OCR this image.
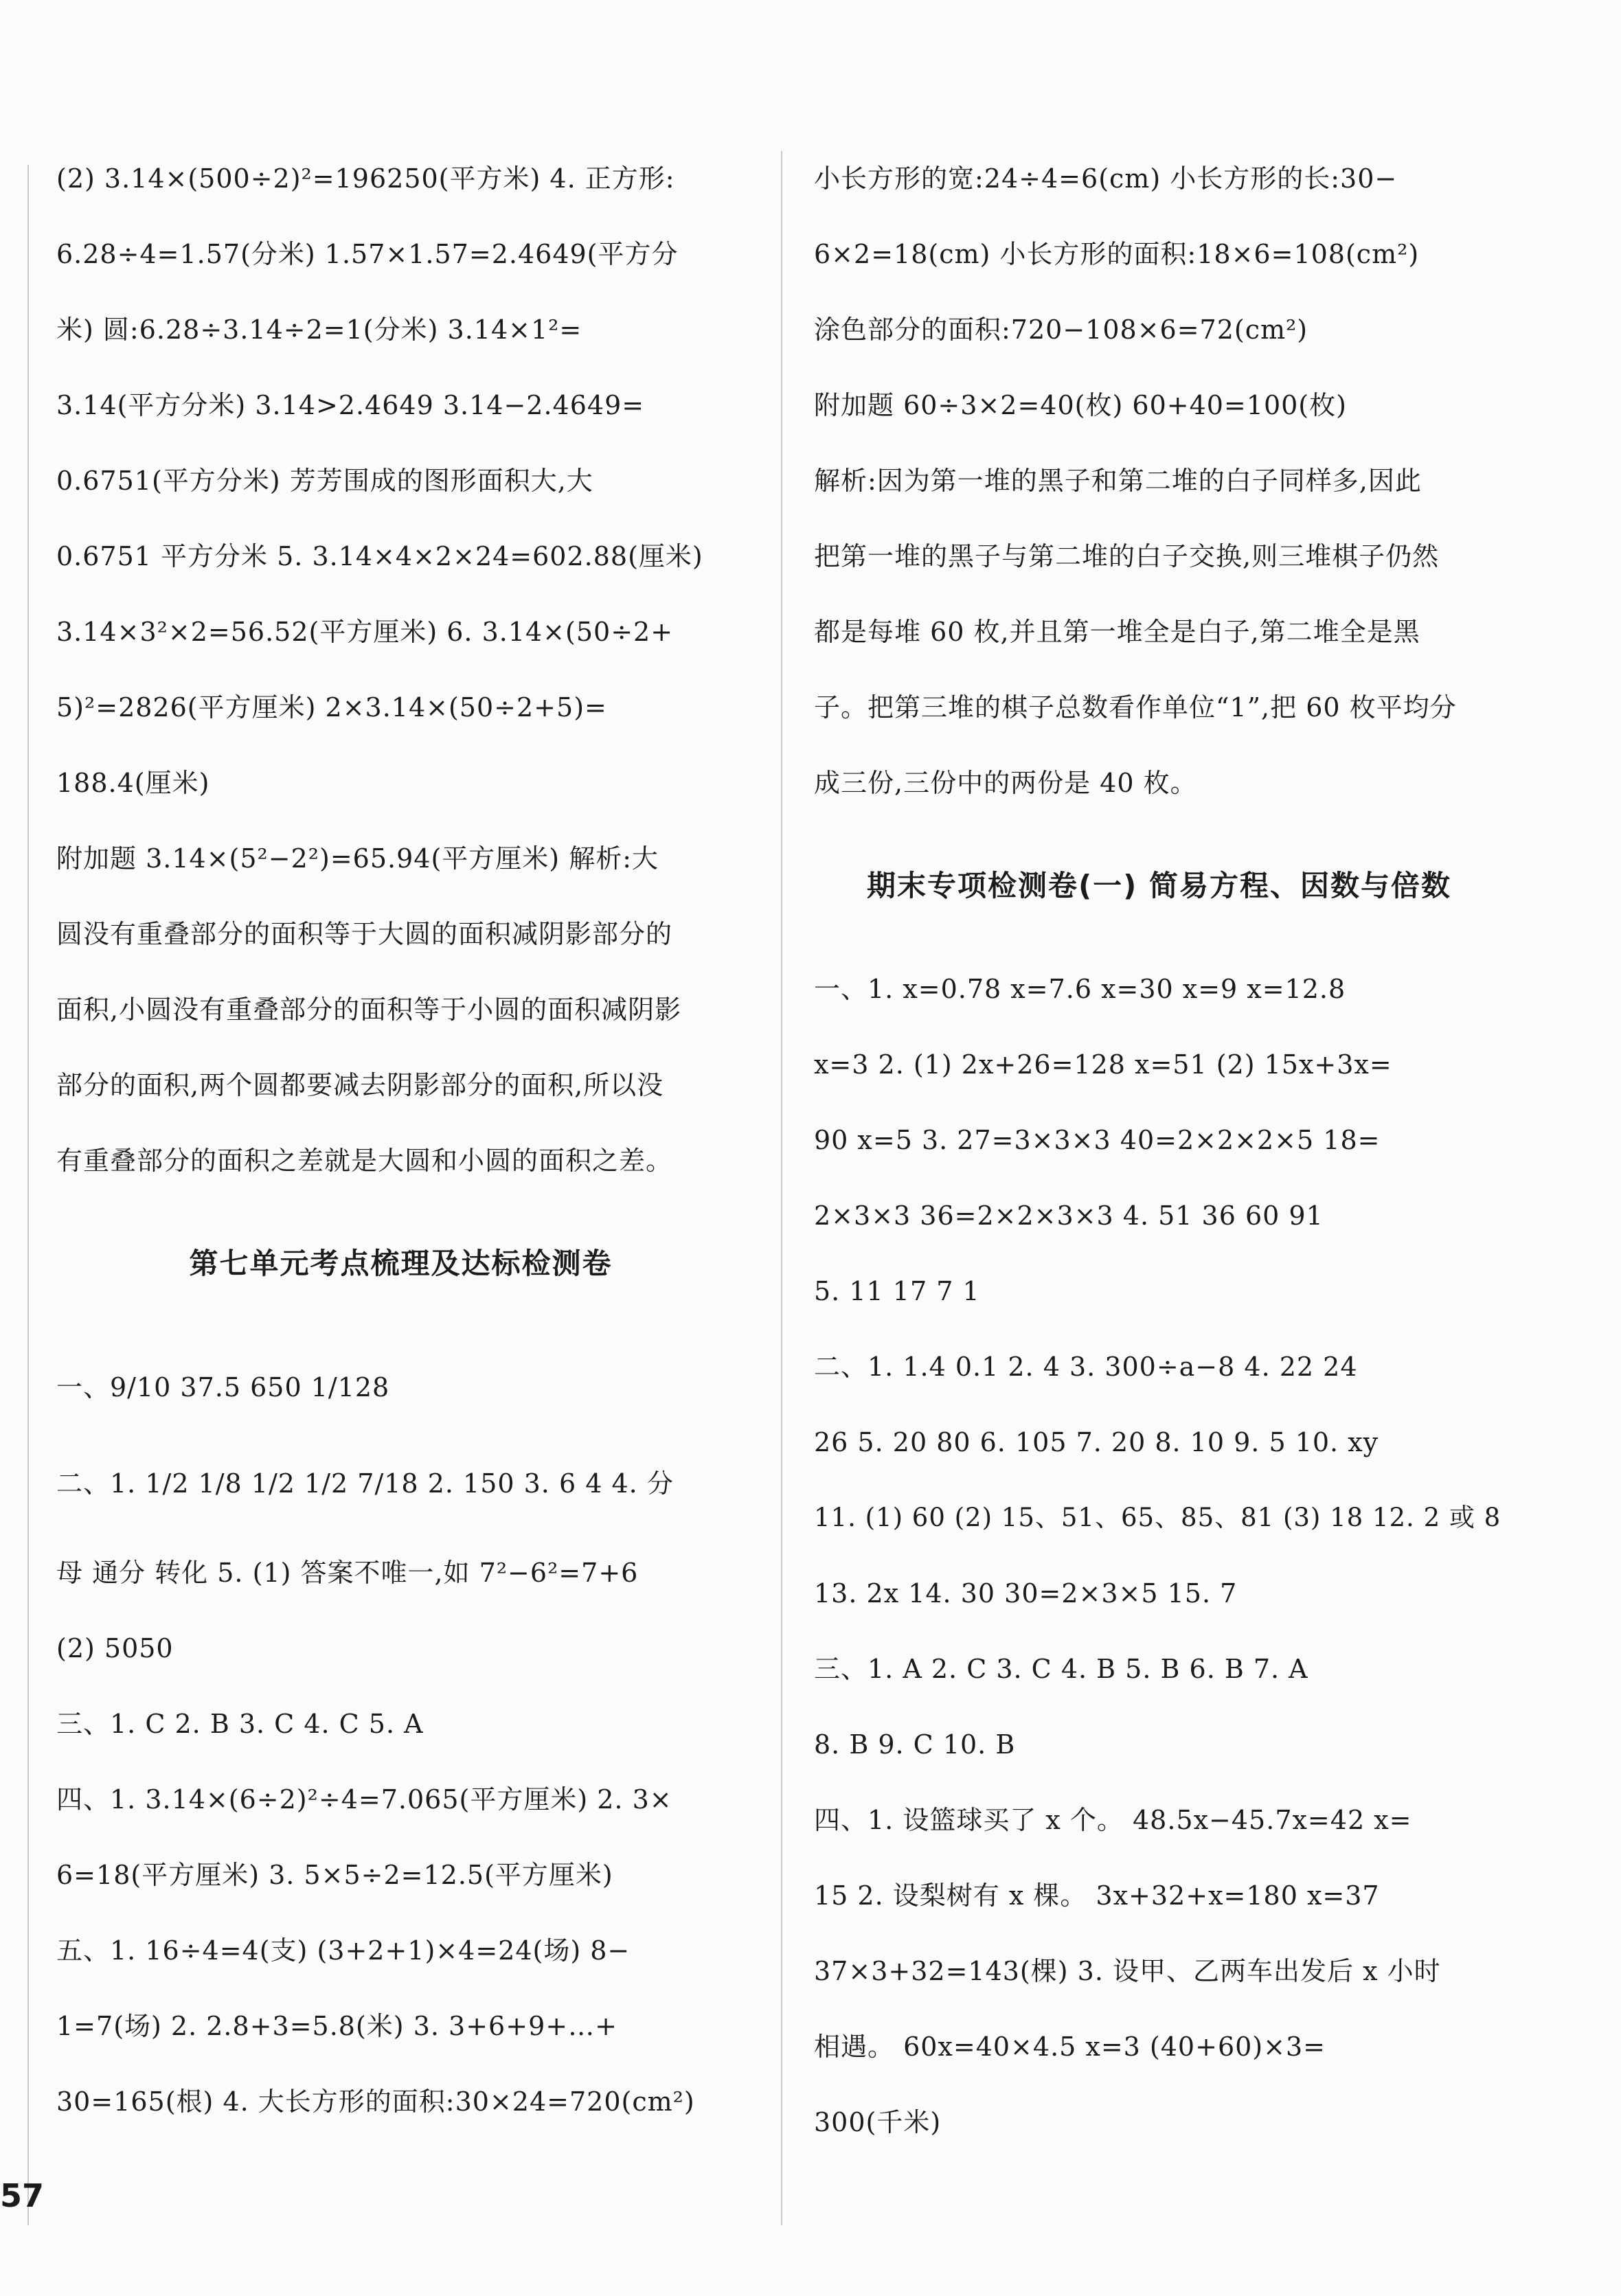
(2) 3.14×(500÷2)²=196250(平方米) 4. 正方形:
6.28÷4=1.57(分米) 1.57×1.57=2.4649(平方分
米) 圆:6.28÷3.14÷2=1(分米) 3.14×1²=
3.14(平方分米) 3.14>2.4649 3.14−2.4649=
0.6751(平方分米) 芳芳围成的图形面积大,大
0.6751 平方分米 5. 3.14×4×2×24=602.88(厘米)
3.14×3²×2=56.52(平方厘米) 6. 3.14×(50÷2+
5)²=2826(平方厘米) 2×3.14×(50÷2+5)=
188.4(厘米)
附加题 3.14×(5²−2²)=65.94(平方厘米) 解析:大
圆没有重叠部分的面积等于大圆的面积减阴影部分的
面积,小圆没有重叠部分的面积等于小圆的面积减阴影
部分的面积,两个圆都要减去阴影部分的面积,所以没
有重叠部分的面积之差就是大圆和小圆的面积之差。
第七单元考点梳理及达标检测卷
一、9/10 37.5 650 1/128
二、1. 1/2 1/8 1/2 1/2 7/18 2. 150 3. 6 4 4. 分
母 通分 转化 5. (1) 答案不唯一,如 7²−6²=7+6
(2) 5050
三、1. C 2. B 3. C 4. C 5. A
四、1. 3.14×(6÷2)²÷4=7.065(平方厘米) 2. 3×
6=18(平方厘米) 3. 5×5÷2=12.5(平方厘米)
五、1. 16÷4=4(支) (3+2+1)×4=24(场) 8−
1=7(场) 2. 2.8+3=5.8(米) 3. 3+6+9+…+
30=165(根) 4. 大长方形的面积:30×24=720(cm²)
小长方形的宽:24÷4=6(cm) 小长方形的长:30−
6×2=18(cm) 小长方形的面积:18×6=108(cm²)
涂色部分的面积:720−108×6=72(cm²)
附加题 60÷3×2=40(枚) 60+40=100(枚)
解析:因为第一堆的黑子和第二堆的白子同样多,因此
把第一堆的黑子与第二堆的白子交换,则三堆棋子仍然
都是每堆 60 枚,并且第一堆全是白子,第二堆全是黑
子。把第三堆的棋子总数看作单位“1”,把 60 枚平均分
成三份,三份中的两份是 40 枚。
期末专项检测卷(一) 简易方程、因数与倍数
一、1. x=0.78 x=7.6 x=30 x=9 x=12.8
x=3 2. (1) 2x+26=128 x=51 (2) 15x+3x=
90 x=5 3. 27=3×3×3 40=2×2×2×5 18=
2×3×3 36=2×2×3×3 4. 51 36 60 91
5. 11 17 7 1
二、1. 1.4 0.1 2. 4 3. 300÷a−8 4. 22 24
26 5. 20 80 6. 105 7. 20 8. 10 9. 5 10. xy
11. (1) 60 (2) 15、51、65、85、81 (3) 18 12. 2 或 8
13. 2x 14. 30 30=2×3×5 15. 7
三、1. A 2. C 3. C 4. B 5. B 6. B 7. A
8. B 9. C 10. B
四、1. 设篮球买了 x 个。 48.5x−45.7x=42 x=
15 2. 设梨树有 x 棵。 3x+32+x=180 x=37
37×3+32=143(棵) 3. 设甲、乙两车出发后 x 小时
相遇。 60x=40×4.5 x=3 (40+60)×3=
300(千米)
57
